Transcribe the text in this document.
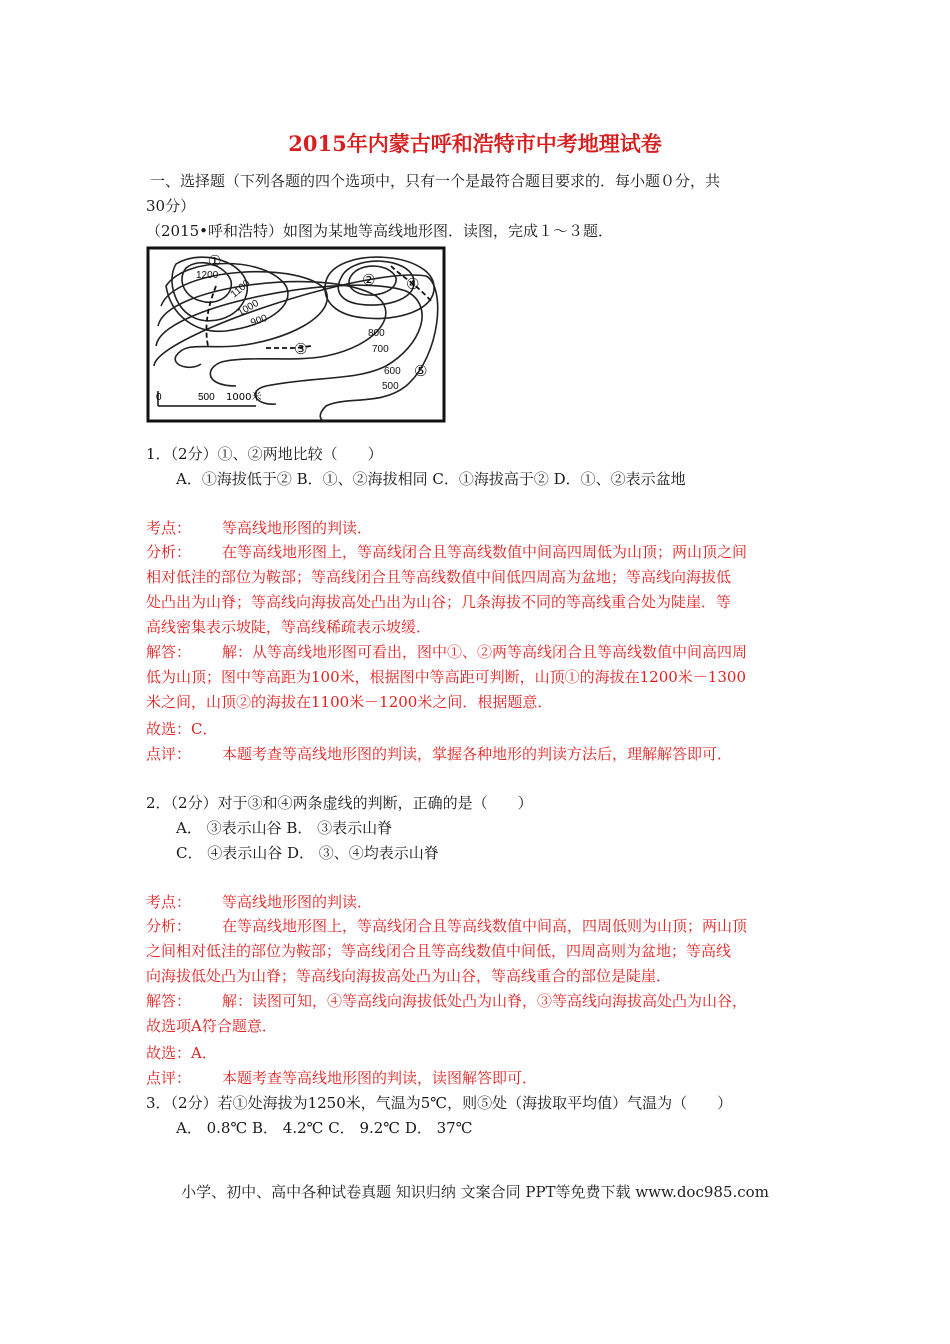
2015年内蒙古呼和浩特市中考地理试卷
一、选择题（下列各题的四个选项中，只有一个是最符合题目要求的．每小题０分，共
30分）
（2015•呼和浩特）如图为某地等高线地形图．读图，完成１～３题．
1200
1100
1000
900
800
700
600
500
①
②
③
④
⑤
0	500 1000米
1．（2分）①、②两地比较（　　）
A．①海拔低于② B．①、②海拔相同 C．①海拔高于② D．①、②表示盆地
考点： 等高线地形图的判读．
分析： 在等高线地形图上，等高线闭合且等高线数值中间高四周低为山顶；两山顶之间
相对低洼的部位为鞍部；等高线闭合且等高线数值中间低四周高为盆地；等高线向海拔低
处凸出为山脊；等高线向海拔高处凸出为山谷；几条海拔不同的等高线重合处为陡崖．等
高线密集表示坡陡，等高线稀疏表示坡缓．
解答： 解：从等高线地形图可看出，图中①、②两等高线闭合且等高线数值中间高四周
低为山顶；图中等高距为100米，根据图中等高距可判断，山顶①的海拔在1200米－1300
米之间，山顶②的海拔在1100米－1200米之间．根据题意．
故选：C．
点评： 本题考查等高线地形图的判读，掌握各种地形的判读方法后，理解解答即可．
2．（2分）对于③和④两条虚线的判断，正确的是（　　）
A． ③表示山谷 B． ③表示山脊
C． ④表示山谷 D． ③、④均表示山脊
考点： 等高线地形图的判读．
分析： 在等高线地形图上，等高线闭合且等高线数值中间高，四周低则为山顶；两山顶
之间相对低洼的部位为鞍部；等高线闭合且等高线数值中间低，四周高则为盆地；等高线
向海拔低处凸为山脊；等高线向海拔高处凸为山谷，等高线重合的部位是陡崖．
解答： 解：读图可知，④等高线向海拔低处凸为山脊，③等高线向海拔高处凸为山谷，
故选项A符合题意．
故选：A．
点评： 本题考查等高线地形图的判读，读图解答即可．
3．（2分）若①处海拔为1250米，气温为5℃，则⑤处（海拔取平均值）气温为（　　）
A． 0.8℃ B． 4.2℃ C． 9.2℃ D． 37℃
小学、初中、高中各种试卷真题 知识归纳 文案合同 PPT等免费下载 www.doc985.com
